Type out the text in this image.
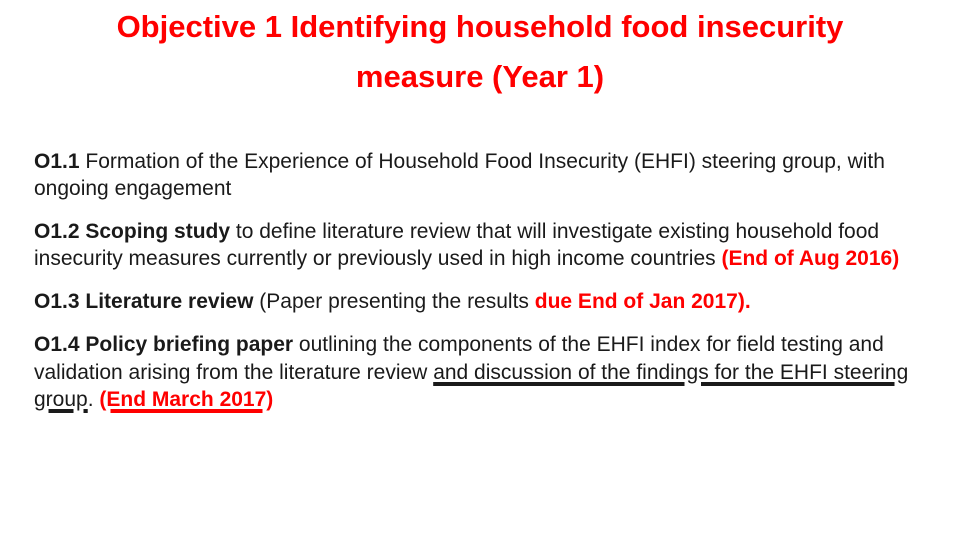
Objective 1 Identifying household food insecurity
measure (Year 1)

O1.1 Formation of the Experience of Household Food Insecurity (EHFI) steering group, with ongoing engagement

O1.2 Scoping study to define literature review that will investigate existing household food insecurity measures currently or previously used in high income countries (End of Aug 2016)

O1.3 Literature review (Paper presenting the results due End of Jan 2017).

O1.4 Policy briefing paper outlining the components of the EHFI index for field testing and validation arising from the literature review and discussion of the findings for the EHFI steering group. (End March 2017)
